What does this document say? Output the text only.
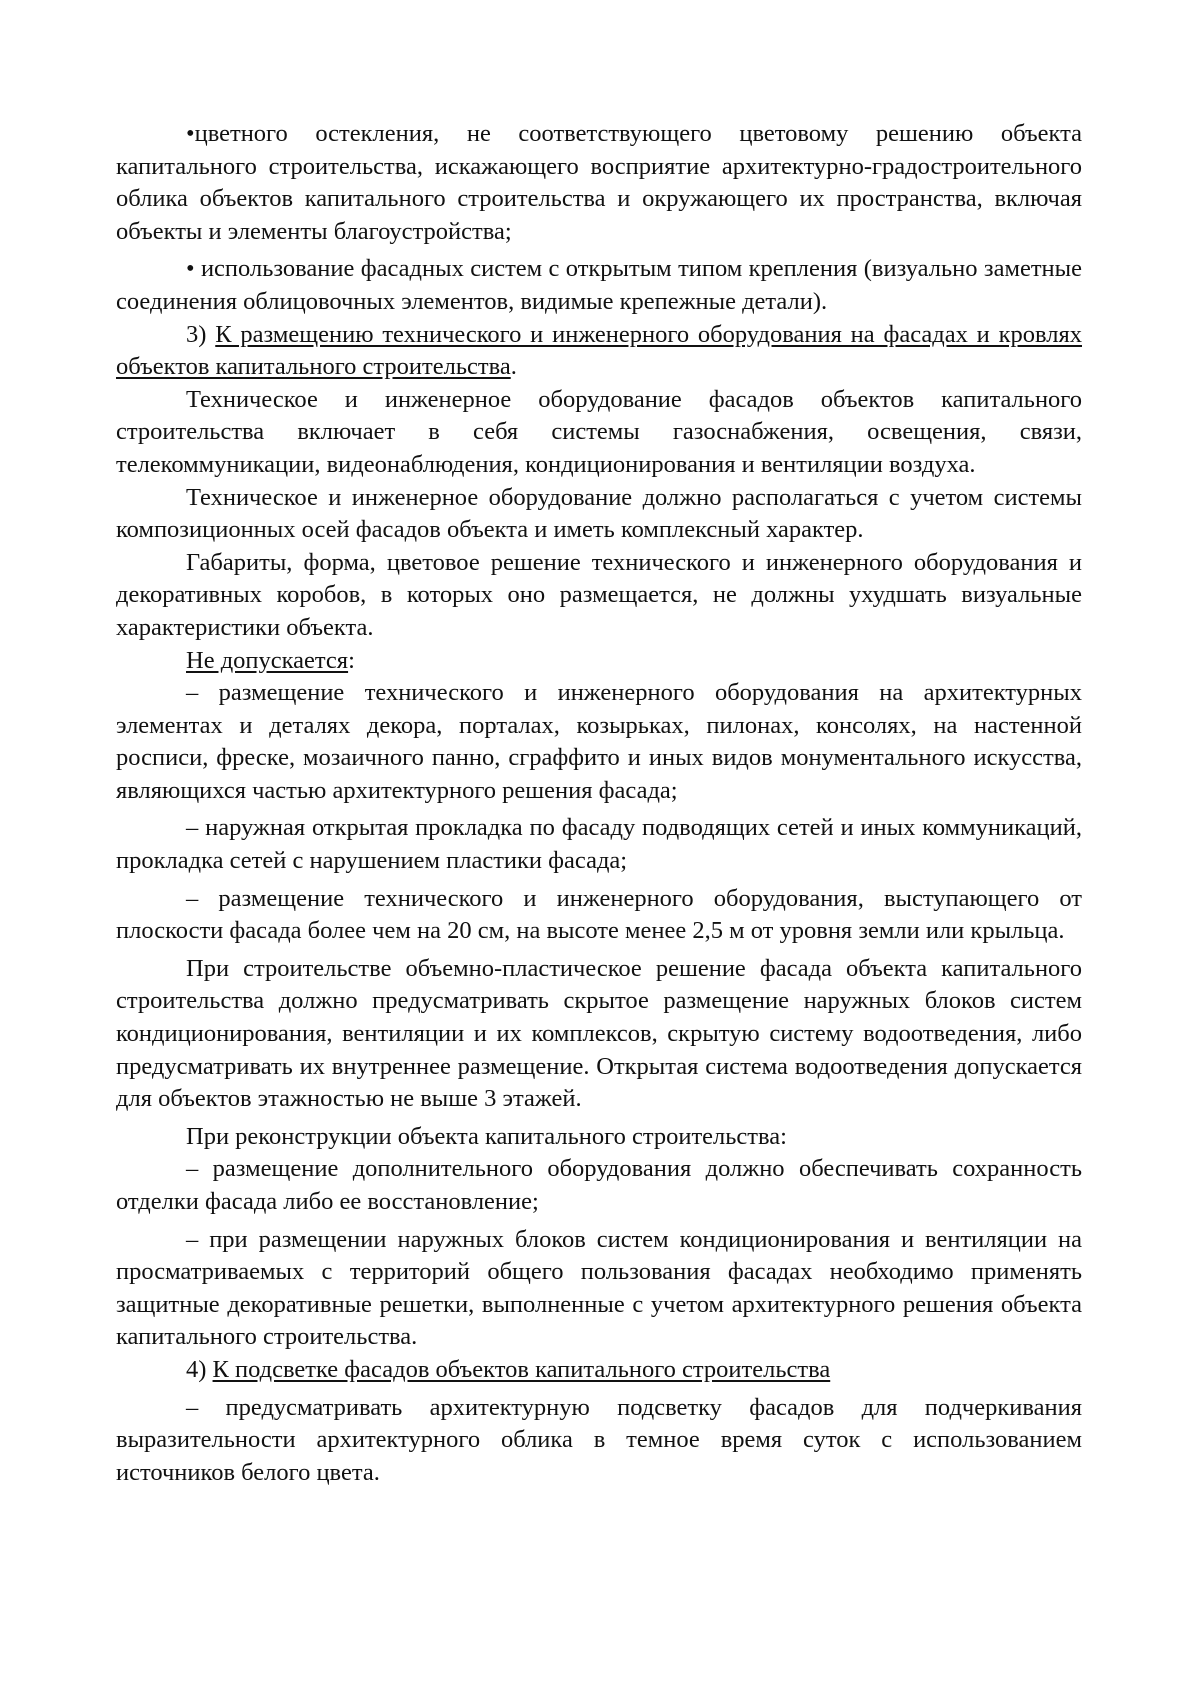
•цветного остекления, не соответствующего цветовому решению объекта капитального строительства, искажающего восприятие архитектурно-градостроительного облика объектов капитального строительства и окружающего их пространства, включая объекты и элементы благоустройства;

• использование фасадных систем с открытым типом крепления (визуально заметные соединения облицовочных элементов, видимые крепежные детали).

3) К размещению технического и инженерного оборудования на фасадах и кровлях объектов капитального строительства.

Техническое и инженерное оборудование фасадов объектов капитального строительства включает в себя системы газоснабжения, освещения, связи, телекоммуникации, видеонаблюдения, кондиционирования и вентиляции воздуха.

Техническое и инженерное оборудование должно располагаться с учетом системы композиционных осей фасадов объекта и иметь комплексный характер.

Габариты, форма, цветовое решение технического и инженерного оборудования и декоративных коробов, в которых оно размещается, не должны ухудшать визуальные характеристики объекта.

Не допускается:

– размещение технического и инженерного оборудования на архитектурных элементах и деталях декора, порталах, козырьках, пилонах, консолях, на настенной росписи, фреске, мозаичного панно, сграффито и иных видов монументального искусства, являющихся частью архитектурного решения фасада;

– наружная открытая прокладка по фасаду подводящих сетей и иных коммуникаций, прокладка сетей с нарушением пластики фасада;

– размещение технического и инженерного оборудования, выступающего от плоскости фасада более чем на 20 см, на высоте менее 2,5 м от уровня земли или крыльца.

При строительстве объемно-пластическое решение фасада объекта капитального строительства должно предусматривать скрытое размещение наружных блоков систем кондиционирования, вентиляции и их комплексов, скрытую систему водоотведения, либо предусматривать их внутреннее размещение. Открытая система водоотведения допускается для объектов этажностью не выше 3 этажей.

При реконструкции объекта капитального строительства:

– размещение дополнительного оборудования должно обеспечивать сохранность отделки фасада либо ее восстановление;

– при размещении наружных блоков систем кондиционирования и вентиляции на просматриваемых с территорий общего пользования фасадах необходимо применять защитные декоративные решетки, выполненные с учетом архитектурного решения объекта капитального строительства.

4) К подсветке фасадов объектов капитального строительства

– предусматривать архитектурную подсветку фасадов для подчеркивания выразительности архитектурного облика в темное время суток с использованием источников белого цвета.
